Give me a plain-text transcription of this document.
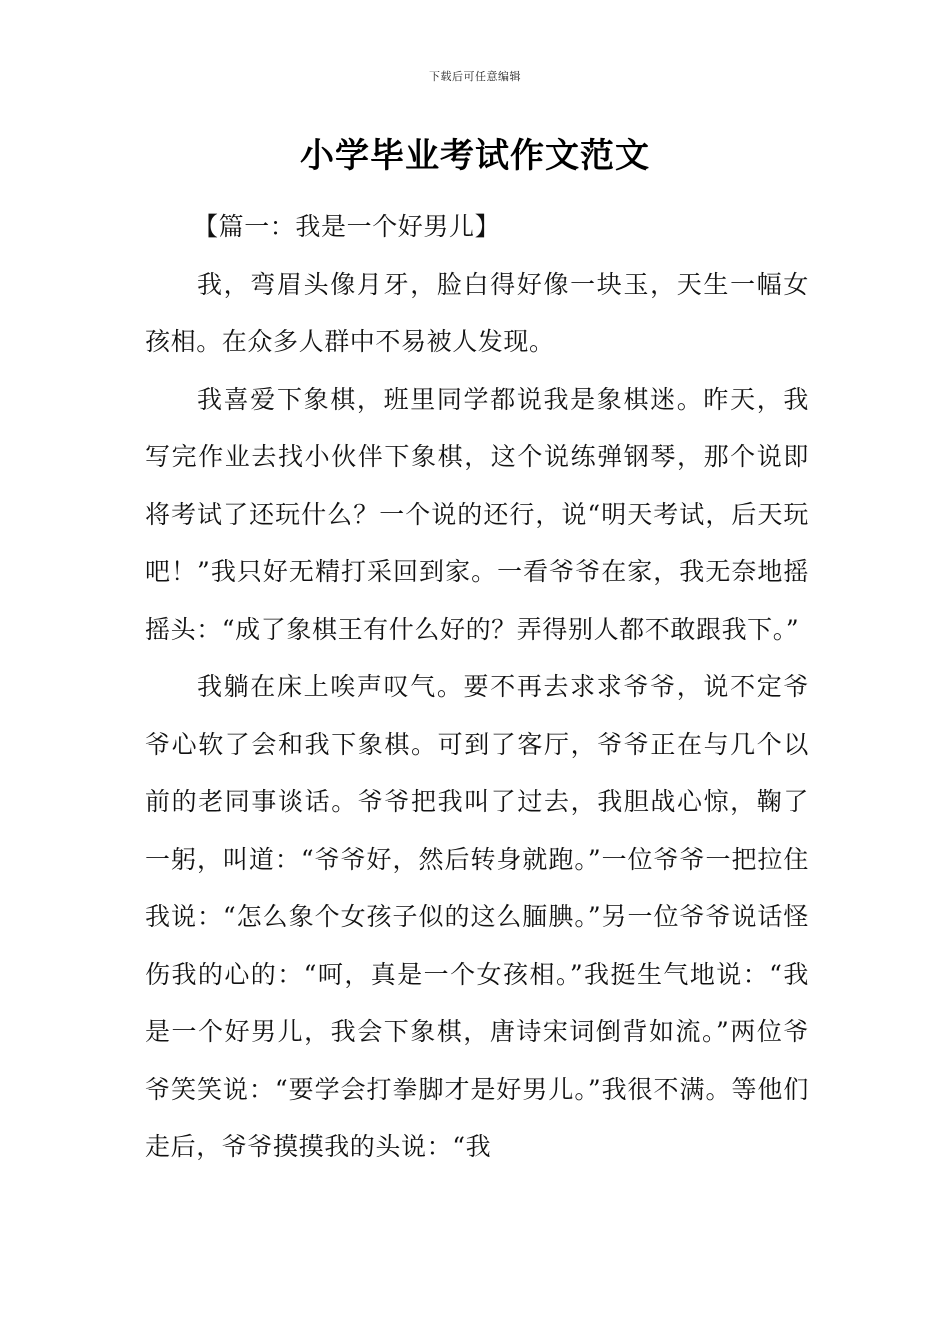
下载后可任意编辑
小学毕业考试作文范文

【篇一：我是一个好男儿】

我，弯眉头像月牙，脸白得好像一块玉，天生一幅女孩相。在众多人群中不易被人发现。

我喜爱下象棋，班里同学都说我是象棋迷。昨天，我写完作业去找小伙伴下象棋，这个说练弹钢琴，那个说即将考试了还玩什么？一个说的还行，说“明天考试，后天玩吧！”我只好无精打采回到家。一看爷爷在家，我无奈地摇摇头：“成了象棋王有什么好的？弄得别人都不敢跟我下。”

我躺在床上唉声叹气。要不再去求求爷爷，说不定爷爷心软了会和我下象棋。可到了客厅，爷爷正在与几个以前的老同事谈话。爷爷把我叫了过去，我胆战心惊，鞠了一躬，叫道：“爷爷好，然后转身就跑。”一位爷爷一把拉住我说：“怎么象个女孩子似的这么腼腆。”另一位爷爷说话怪伤我的心的：“呵，真是一个女孩相。”我挺生气地说：“我是一个好男儿，我会下象棋，唐诗宋词倒背如流。”两位爷爷笑笑说：“要学会打拳脚才是好男儿。”我很不满。等他们走后，爷爷摸摸我的头说：“我
